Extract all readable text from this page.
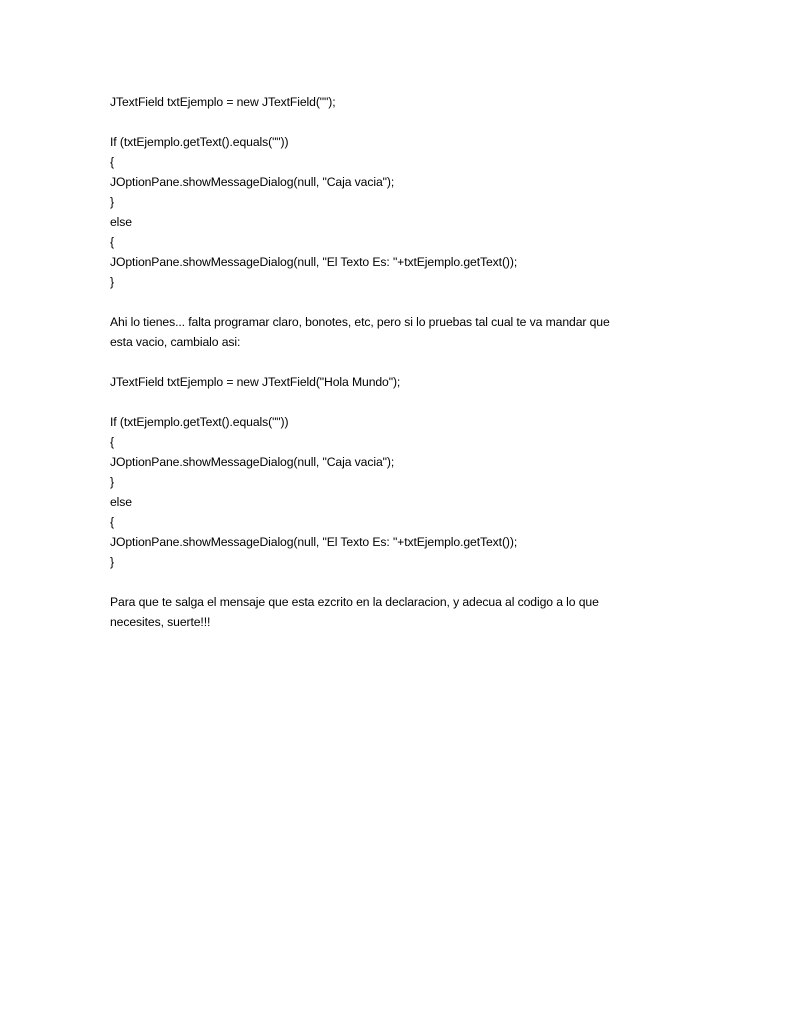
JTextField txtEjemplo = new JTextField("");
If (txtEjemplo.getText().equals(""))
{
JOptionPane.showMessageDialog(null, "Caja vacia");
}
else
{
JOptionPane.showMessageDialog(null, "El Texto Es: "+txtEjemplo.getText());
}
Ahi lo tienes... falta programar claro, bonotes, etc, pero si lo pruebas tal cual te va mandar que
esta vacio, cambialo asi:
JTextField txtEjemplo = new JTextField("Hola Mundo");
If (txtEjemplo.getText().equals(""))
{
JOptionPane.showMessageDialog(null, "Caja vacia");
}
else
{
JOptionPane.showMessageDialog(null, "El Texto Es: "+txtEjemplo.getText());
}
Para que te salga el mensaje que esta ezcrito en la declaracion, y adecua al codigo a lo que
necesites, suerte!!!
